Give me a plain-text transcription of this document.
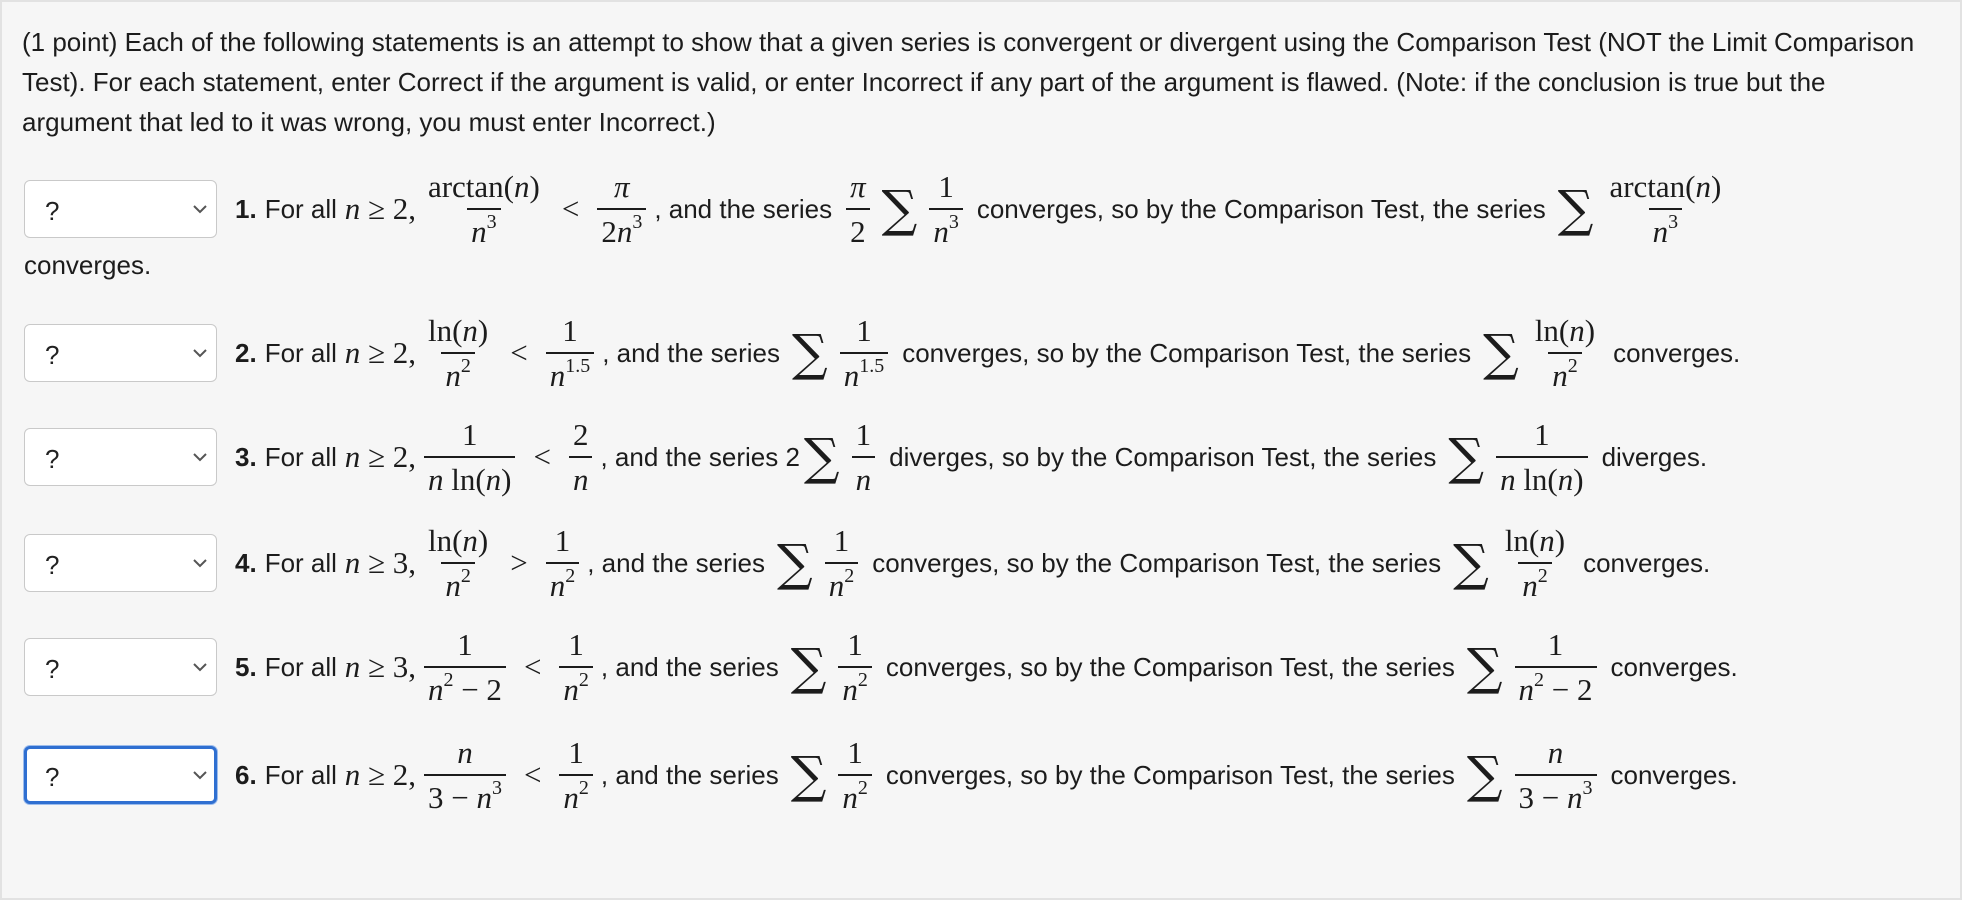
(1 point) Each of the following statements is an attempt to show that a given series is convergent or divergent using the Comparison Test (NOT the Limit Comparison Test). For each statement, enter Correct if the argument is valid, or enter Incorrect if any part of the argument is flawed. (Note: if the conclusion is true but the argument that led to it was wrong, you must enter Incorrect.)
?	1. For all n ≥ 2, $\frac{\arctan(n)}{n^3} < \frac{\pi}{2n^3}$ , and the series $\frac{\pi}{2}$ ∑ $\frac{1}{n^3}$ converges, so by the Comparison Test, the series ∑ $\frac{\arctan(n)}{n^3}$
converges.
?	2. For all n ≥ 2, $\frac{\ln(n)}{n^2} < \frac{1}{n^{1.5}}$ , and the series ∑ $\frac{1}{n^{1.5}}$ converges, so by the Comparison Test, the series ∑ $\frac{\ln(n)}{n^2}$ converges.
?	3. For all n ≥ 2, $\frac{1}{\text{n ln(n)}} < \frac{2}{n}$ , and the series 2 ∑ $\frac{1}{n}$ diverges, so by the Comparison Test, the series ∑ $\frac{1}{\text{n ln(n)}}$ diverges.
?	4. For all n ≥ 3, $\frac{\ln(n)}{n^2} > \frac{1}{n^2}$ , and the series ∑ $\frac{1}{n^2}$ converges, so by the Comparison Test, the series ∑ $\frac{\ln(n)}{n^2}$ converges.
?	5. For all n ≥ 3, $\frac{1}{n^2 - 2} < \frac{1}{n^2}$ , and the series ∑ $\frac{1}{n^2}$ converges, so by the Comparison Test, the series ∑ $\frac{1}{n^2 - 2}$ converges.
?	6. For all n ≥ 2, $\frac{n}{3 - n^3} < \frac{1}{n^2}$ , and the series ∑ $\frac{1}{n^2}$ converges, so by the Comparison Test, the series ∑ $\frac{n}{3 - n^3}$ converges.
